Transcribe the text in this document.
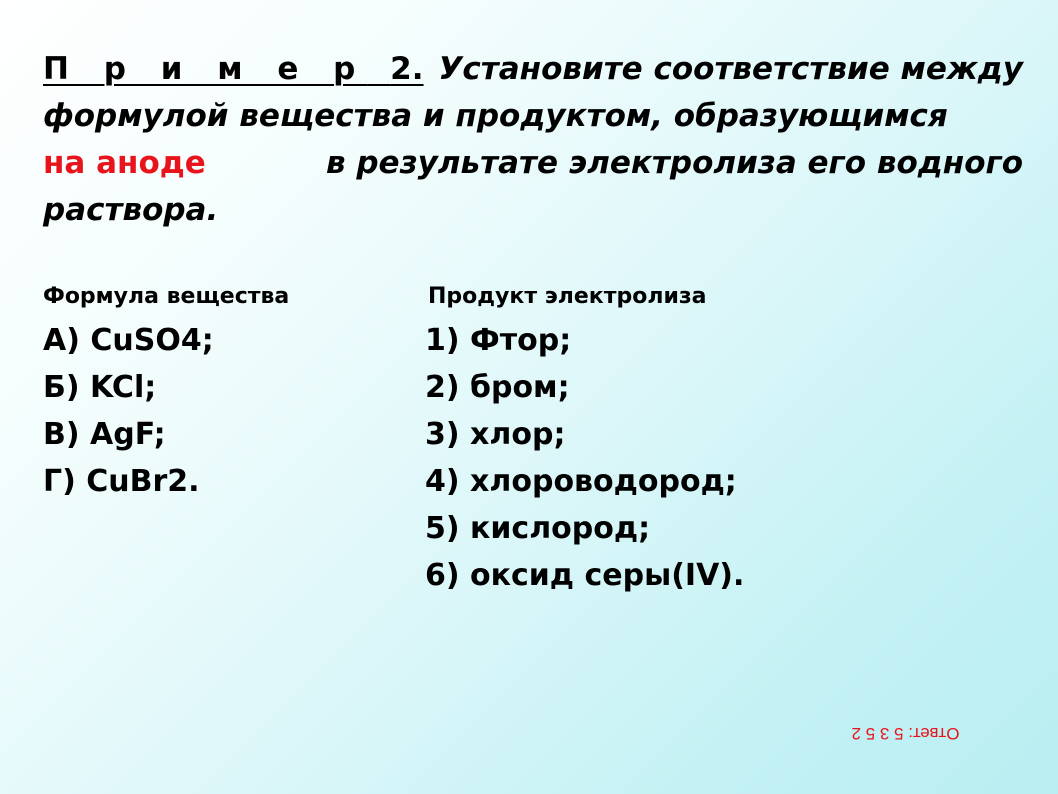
П р и м е р 2. Установите соответствие между
формулой вещества и продуктом, образующимся
на аноде	в результате электролиза его водного
раствора.
Формула вещества	Продукт электролиза
А) CuSO4;
Б) KCl;
В) AgF;
Г) CuBr2.
1) Фтор;
2) бром;
3) хлор;
4) хлороводород;
5) кислород;
6) оксид серы(IV).
Ответ: 5 3 5 2
